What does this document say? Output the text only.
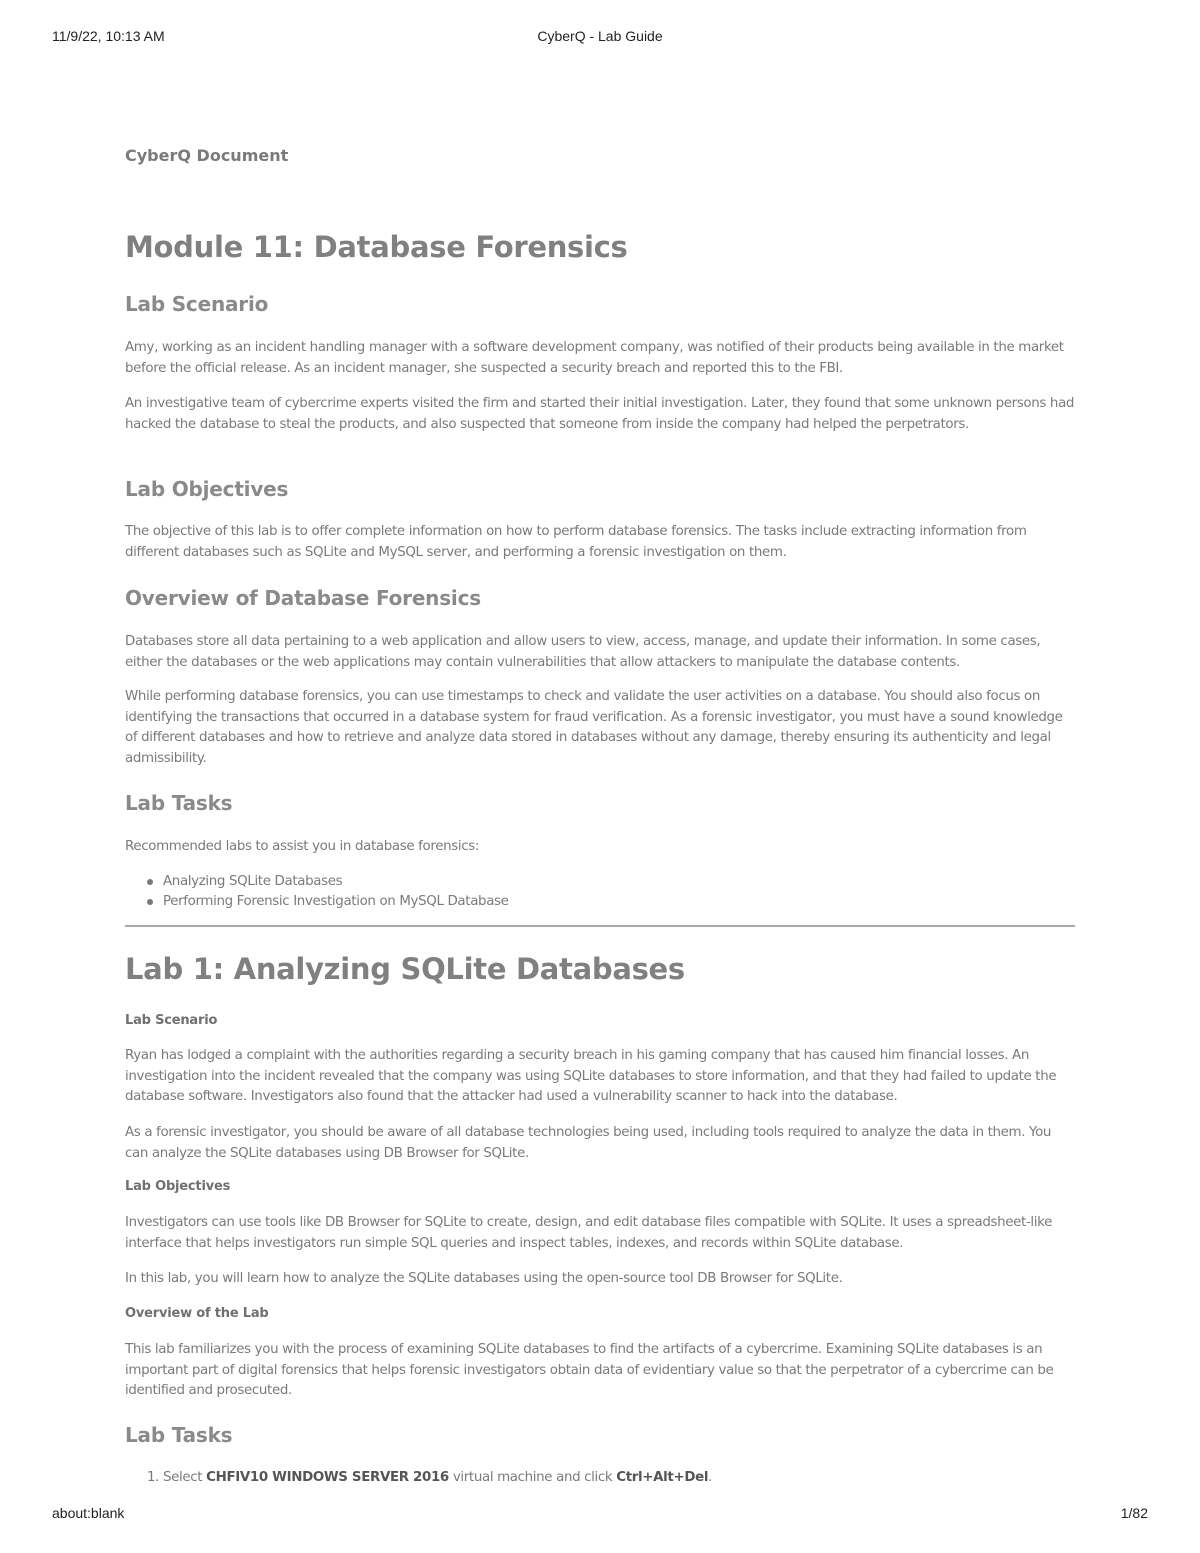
11/9/22, 10:13 AM	CyberQ - Lab Guide
CyberQ Document
Module 11: Database Forensics
Lab Scenario

Amy, working as an incident handling manager with a software development company, was notified of their products being available in the market before the official release. As an incident manager, she suspected a security breach and reported this to the FBI.

An investigative team of cybercrime experts visited the firm and started their initial investigation. Later, they found that some unknown persons had hacked the database to steal the products, and also suspected that someone from inside the company had helped the perpetrators.

Lab Objectives

The objective of this lab is to offer complete information on how to perform database forensics. The tasks include extracting information from different databases such as SQLite and MySQL server, and performing a forensic investigation on them.

Overview of Database Forensics

Databases store all data pertaining to a web application and allow users to view, access, manage, and update their information. In some cases, either the databases or the web applications may contain vulnerabilities that allow attackers to manipulate the database contents.

While performing database forensics, you can use timestamps to check and validate the user activities on a database. You should also focus on identifying the transactions that occurred in a database system for fraud verification. As a forensic investigator, you must have a sound knowledge of different databases and how to retrieve and analyze data stored in databases without any damage, thereby ensuring its authenticity and legal admissibility.

Lab Tasks

Recommended labs to assist you in database forensics:

Analyzing SQLite Databases
Performing Forensic Investigation on MySQL Database
Lab 1: Analyzing SQLite Databases
Lab Scenario

Ryan has lodged a complaint with the authorities regarding a security breach in his gaming company that has caused him financial losses. An investigation into the incident revealed that the company was using SQLite databases to store information, and that they had failed to update the database software. Investigators also found that the attacker had used a vulnerability scanner to hack into the database.

As a forensic investigator, you should be aware of all database technologies being used, including tools required to analyze the data in them. You can analyze the SQLite databases using DB Browser for SQLite.

Lab Objectives

Investigators can use tools like DB Browser for SQLite to create, design, and edit database files compatible with SQLite. It uses a spreadsheet-like interface that helps investigators run simple SQL queries and inspect tables, indexes, and records within SQLite database.

In this lab, you will learn how to analyze the SQLite databases using the open-source tool DB Browser for SQLite.

Overview of the Lab

This lab familiarizes you with the process of examining SQLite databases to find the artifacts of a cybercrime. Examining SQLite databases is an important part of digital forensics that helps forensic investigators obtain data of evidentiary value so that the perpetrator of a cybercrime can be identified and prosecuted.

Lab Tasks
1. Select CHFIV10 WINDOWS SERVER 2016 virtual machine and click Ctrl+Alt+Del.
about:blank	1/82
